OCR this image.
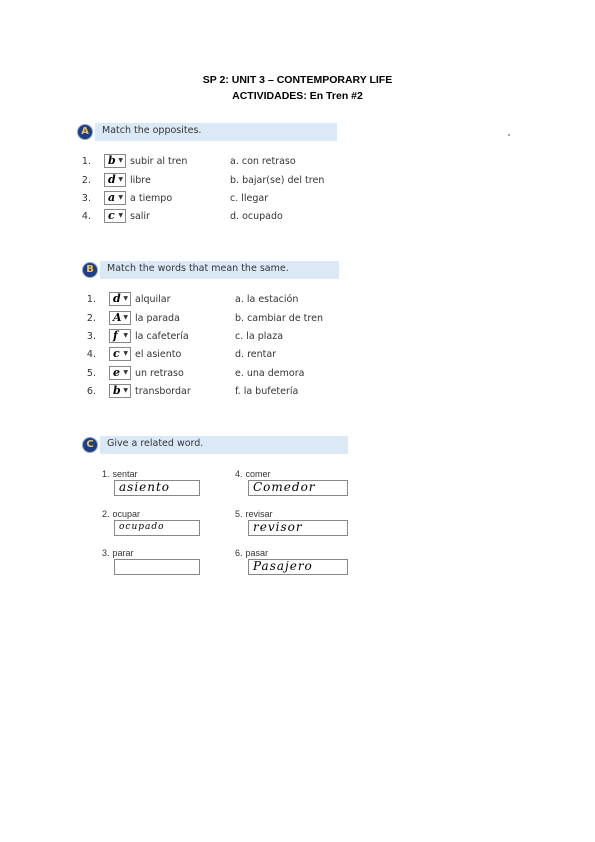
SP 2: UNIT 3 – CONTEMPORARY LIFE
ACTIVIDADES: En Tren #2
A	Match the opposites.
1. b ▼ subir al tren	a. con retraso
2. d ▼ libre	b. bajar(se) del tren
3. a ▼ a tiempo	c. llegar
4. c ▼ salir	d. ocupado
B	Match the words that mean the same.
1. d ▼ alquilar	a. la estación
2. A ▼ la parada	b. cambiar de tren
3. f ▼ la cafetería	c. la plaza
4. c ▼ el asiento	d. rentar
5. e ▼ un retraso	e. una demora
6. b ▼ transbordar	f. la bufetería
C	Give a related word.
1. sentar
asiento
2. ocupar
ocupado
3. parar
4. comer
Comedor
5. revisar
revisor
6. pasar
Pasajero
